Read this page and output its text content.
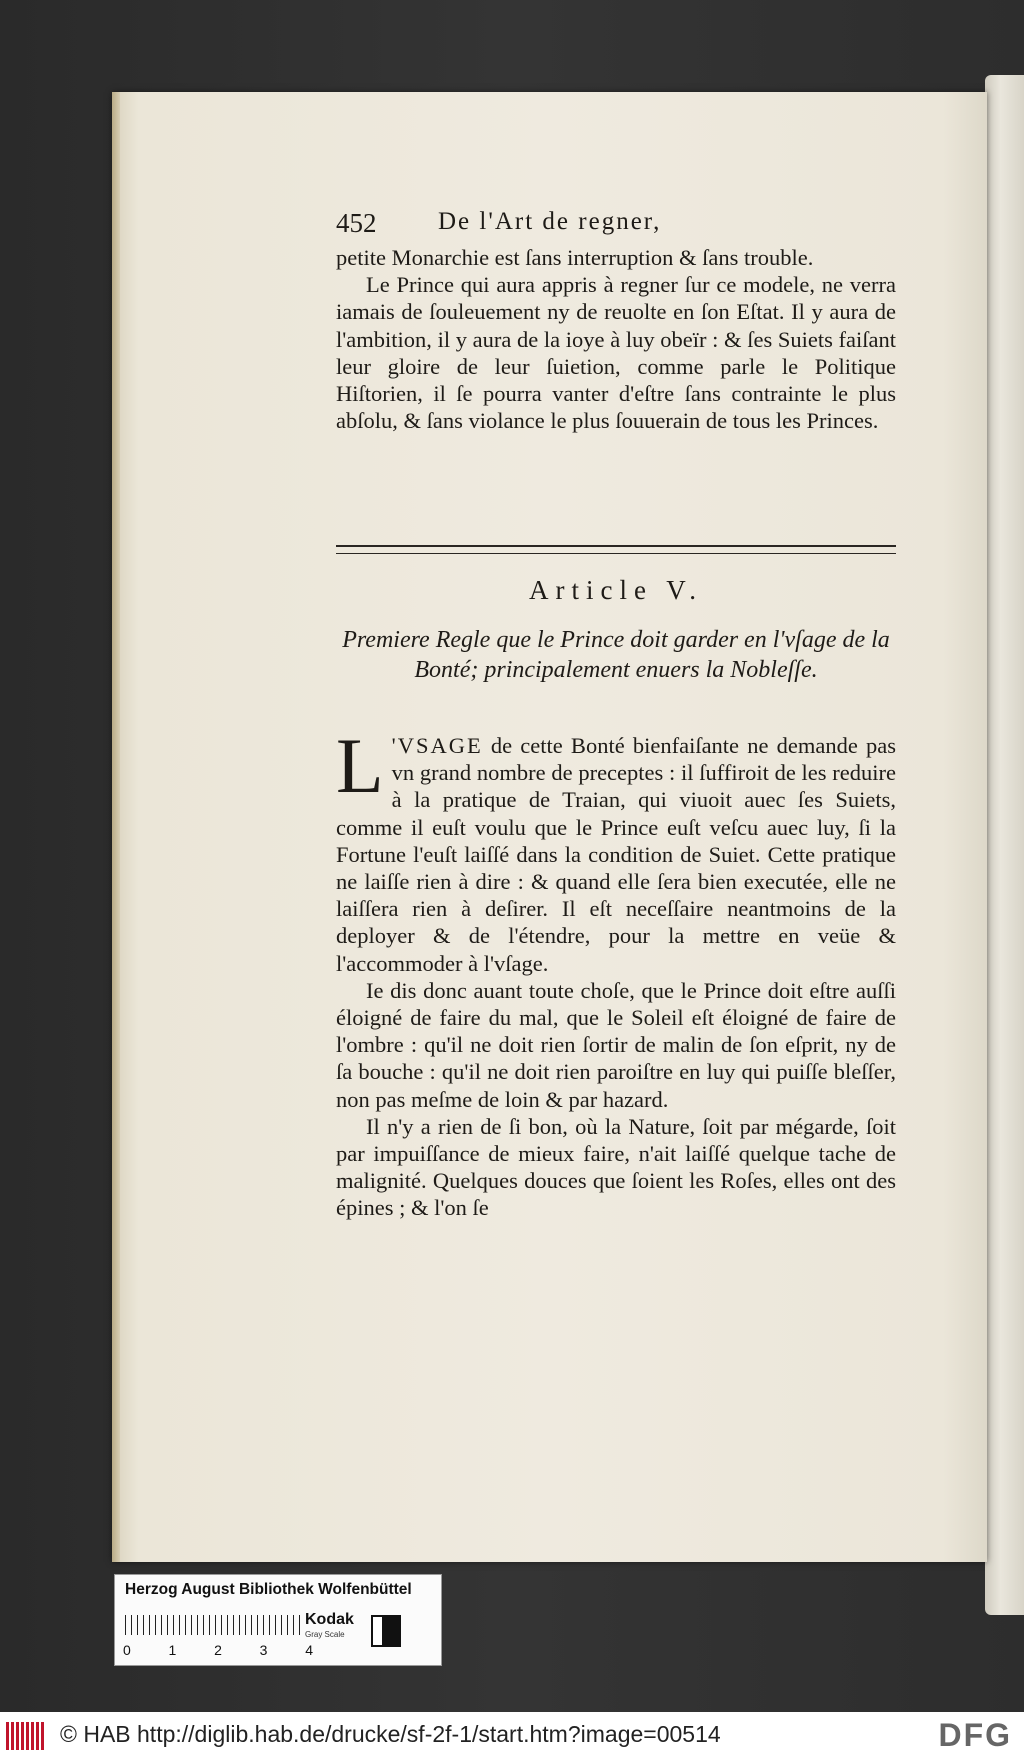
452 De l'Art de regner,

petite Monarchie est ſans interruption & ſans trouble.

Le Prince qui aura appris à regner ſur ce modele, ne verra iamais de ſouleuement ny de reuolte en ſon Eſtat. Il y aura de l'ambition, il y aura de la ioye à luy obeïr : & ſes Suiets faiſant leur gloire de leur ſuietion, comme parle le Politique Hiſtorien, il ſe pourra vanter d'eſtre ſans contrainte le plus abſolu, & ſans violance le plus ſouuerain de tous les Princes.

Article V.
Premiere Regle que le Prince doit garder en l'vſage de la Bonté; principalement enuers la Nobleſſe.

L 'VSAGE de cette Bonté bienfaiſante ne demande pas vn grand nombre de preceptes : il ſuffiroit de les reduire à la pratique de Traian, qui viuoit auec ſes Suiets, comme il euſt voulu que le Prince euſt veſcu auec luy, ſi la Fortune l'euſt laiſſé dans la condition de Suiet. Cette pratique ne laiſſe rien à dire : & quand elle ſera bien executée, elle ne laiſſera rien à deſirer. Il eſt neceſſaire neantmoins de la deployer & de l'étendre, pour la mettre en veüe & l'accommoder à l'vſage.

Ie dis donc auant toute choſe, que le Prince doit eſtre auſſi éloigné de faire du mal, que le Soleil eſt éloigné de faire de l'ombre : qu'il ne doit rien ſortir de malin de ſon eſprit, ny de ſa bouche : qu'il ne doit rien paroiſtre en luy qui puiſſe bleſſer, non pas meſme de loin & par hazard.

Il n'y a rien de ſi bon, où la Nature, ſoit par mégarde, ſoit par impuiſſance de mieux faire, n'ait laiſſé quelque tache de malignité. Quelques douces que ſoient les Roſes, elles ont des épines ; & l'on ſe

Herzog August Bibliothek Wolfenbüttel
0	1	2	3	4
Kodak
Gray Scale
© HAB http://diglib.hab.de/drucke/sf-2f-1/start.htm?image=00514	DFG
